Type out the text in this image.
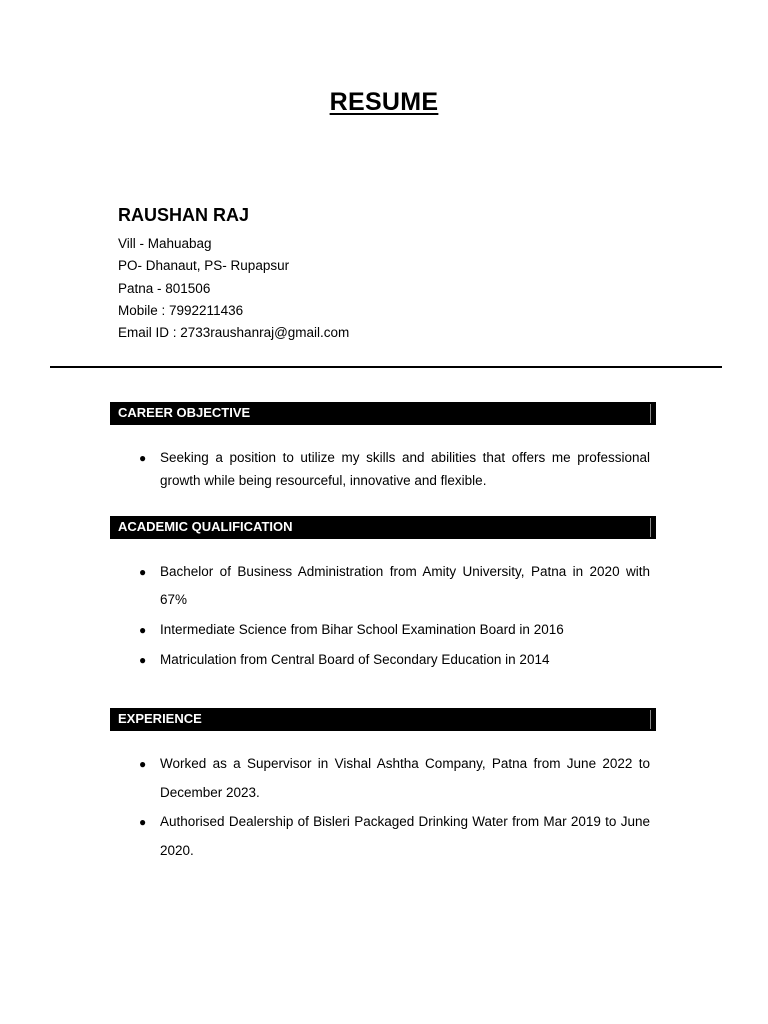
RESUME
RAUSHAN RAJ
Vill - Mahuabag
PO- Dhanaut, PS- Rupapsur
Patna - 801506
Mobile : 7992211436
Email ID : 2733raushanraj@gmail.com
CAREER OBJECTIVE
● Seeking a position to utilize my skills and abilities that offers me professional growth while being resourceful, innovative and flexible.
ACADEMIC QUALIFICATION
● Bachelor of Business Administration from Amity University, Patna in 2020 with 67%
● Intermediate Science from Bihar School Examination Board in 2016
● Matriculation from Central Board of Secondary Education in 2014
EXPERIENCE
● Worked as a Supervisor in Vishal Ashtha Company, Patna from June 2022 to December 2023.
● Authorised Dealership of Bisleri Packaged Drinking Water from Mar 2019 to June 2020.
